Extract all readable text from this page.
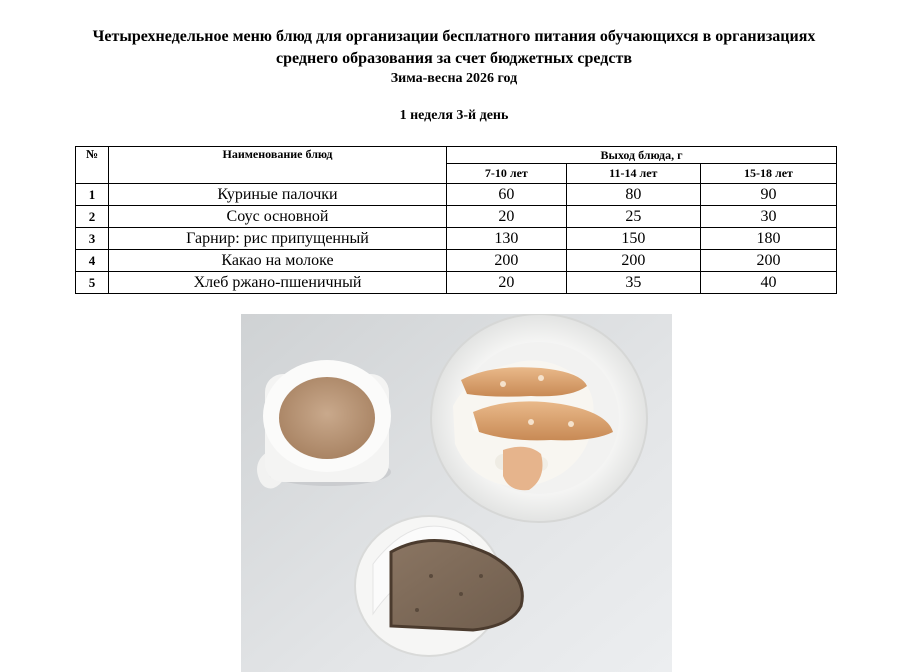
Четырехнедельное меню блюд для организации бесплатного питания обучающихся в организациях
среднего образования за счет бюджетных средств
Зима-весна 2026 год
1 неделя 3-й день
№	Наименование блюд	Выход блюда, г		
		7-10 лет	11-14 лет	15-18 лет
1	Куриные палочки	60	80	90
2	Соус основной	20	25	30
3	Гарнир: рис припущенный	130	150	180
4	Какао на молоке	200	200	200
5	Хлеб ржано-пшеничный	20	35	40
